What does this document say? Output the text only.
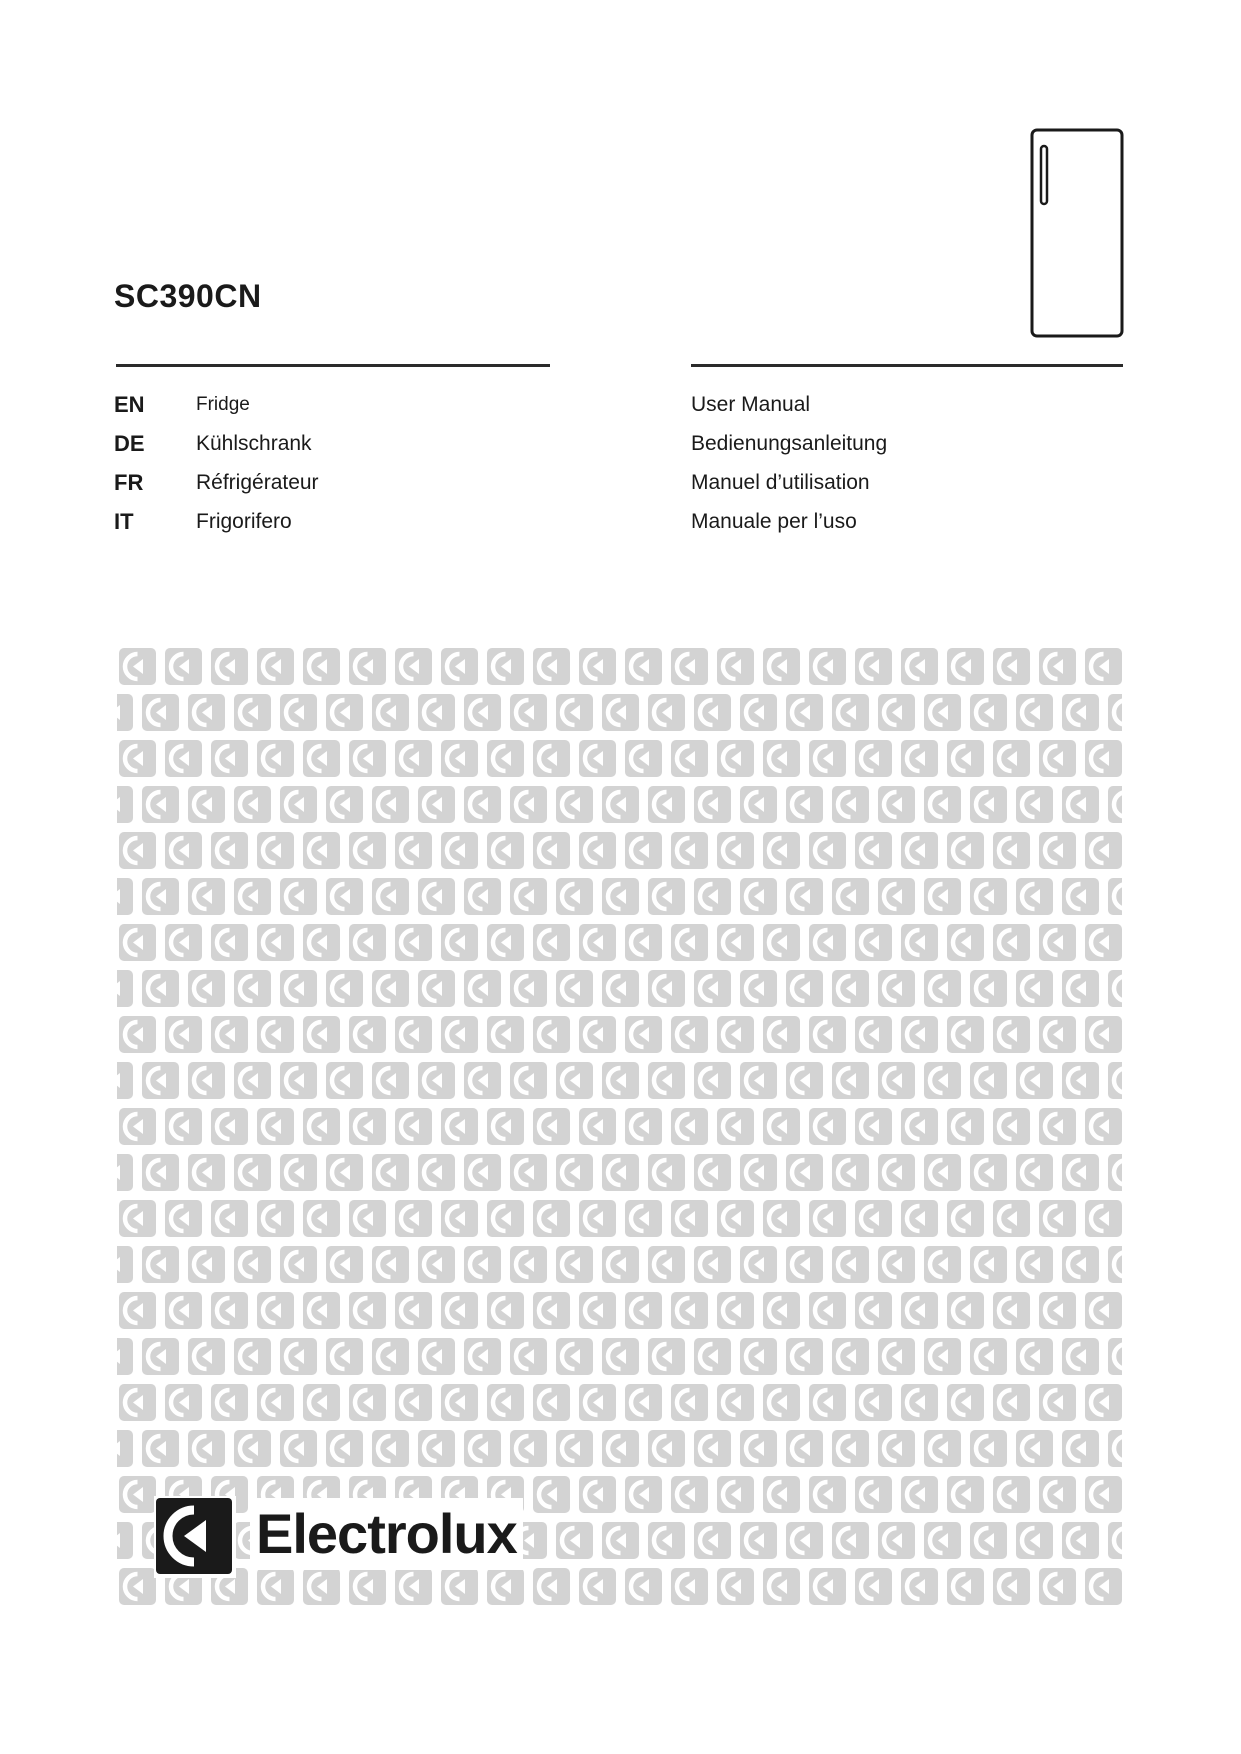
SC390CN
EN	Fridge	User Manual
DE Kühlschrank	Bedienungsanleitung
FR	Réfrigérateur	Manuel d’utilisation
IT	Frigorifero	Manuale per l’uso
Electrolux
